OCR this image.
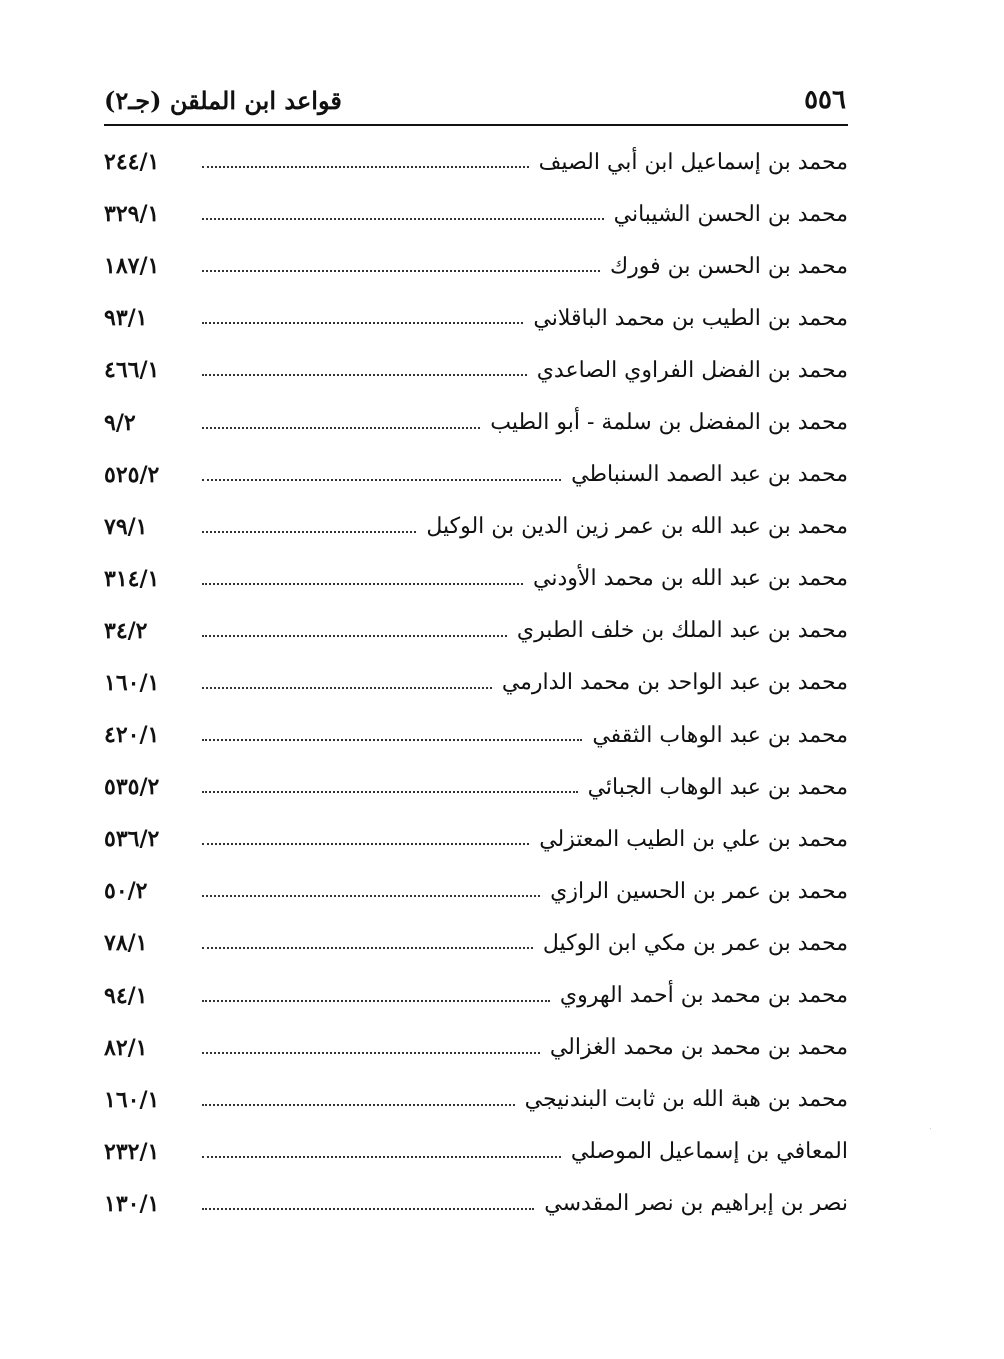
٥٥٦
قواعد ابن الملقن (جـ٢)
محمد بن إسماعيل ابن أبي الصيف
٢٤٤/١
محمد بن الحسن الشيباني
٣٢٩/١
محمد بن الحسن بن فورك
١٨٧/١
محمد بن الطيب بن محمد الباقلاني
٩٣/١
محمد بن الفضل الفراوي الصاعدي
٤٦٦/١
محمد بن المفضل بن سلمة - أبو الطيب
٩/٢
محمد بن عبد الصمد السنباطي
٥٢٥/٢
محمد بن عبد الله بن عمر زين الدين بن الوكيل
٧٩/١
محمد بن عبد الله بن محمد الأودني
٣١٤/١
محمد بن عبد الملك بن خلف الطبري
٣٤/٢
محمد بن عبد الواحد بن محمد الدارمي
١٦٠/١
محمد بن عبد الوهاب الثقفي
٤٢٠/١
محمد بن عبد الوهاب الجبائي
٥٣٥/٢
محمد بن علي بن الطيب المعتزلي
٥٣٦/٢
محمد بن عمر بن الحسين الرازي
٥٠/٢
محمد بن عمر بن مكي ابن الوكيل
٧٨/١
محمد بن محمد بن أحمد الهروي
٩٤/١
محمد بن محمد بن محمد الغزالي
٨٢/١
محمد بن هبة الله بن ثابت البندنيجي
١٦٠/١
المعافي بن إسماعيل الموصلي
٢٣٢/١
نصر بن إبراهيم بن نصر المقدسي
١٣٠/١
